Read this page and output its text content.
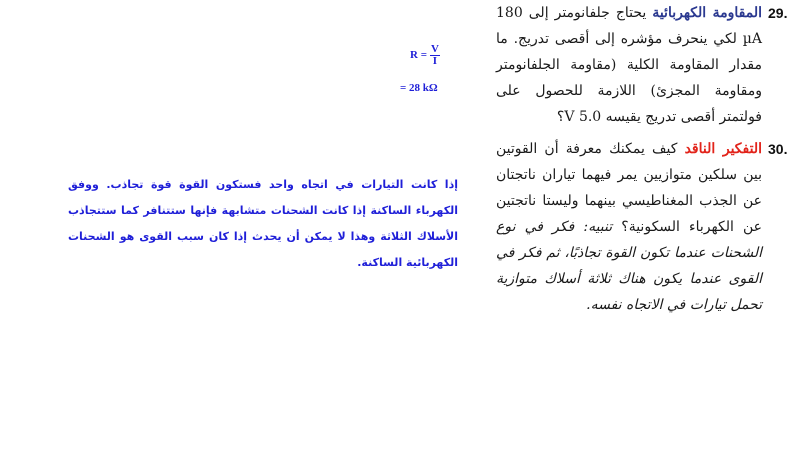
29.
المقاومة الكهربائية يحتاج جلفانومتر إلى 180 µA لكي ينحرف مؤشره إلى أقصى تدريج. ما مقدار المقاومة الكلية (مقاومة الجلفانومتر ومقاومة المجزئ) اللازمة للحصول على فولتمتر أقصى تدريج يقيسه 5.0 V؟
30.
التفكير الناقد كيف يمكنك معرفة أن القوتين بين سلكين متوازيين يمر فيهما تياران ناتجتان عن الجذب المغناطيسي بينهما وليستا ناتجتين عن الكهرباء السكونية؟ تنبيه: فكر في نوع الشحنات عندما تكون القوة تجاذبًا، ثم فكر في القوى عندما يكون هناك ثلاثة أسلاك متوازية تحمل تيارات في الاتجاه نفسه.
$R = \frac{V}{I}$
= 28 kΩ
إذا كانت التيارات في اتجاه واحد فستكون القوة قوة تجاذب. ووفق الكهرباء الساكنة إذا كانت الشحنات متشابهة فإنها ستتنافر كما ستتجاذب الأسلاك الثلاثة وهذا لا يمكن أن يحدث إذا كان سبب القوى هو الشحنات الكهربائية الساكنة.
